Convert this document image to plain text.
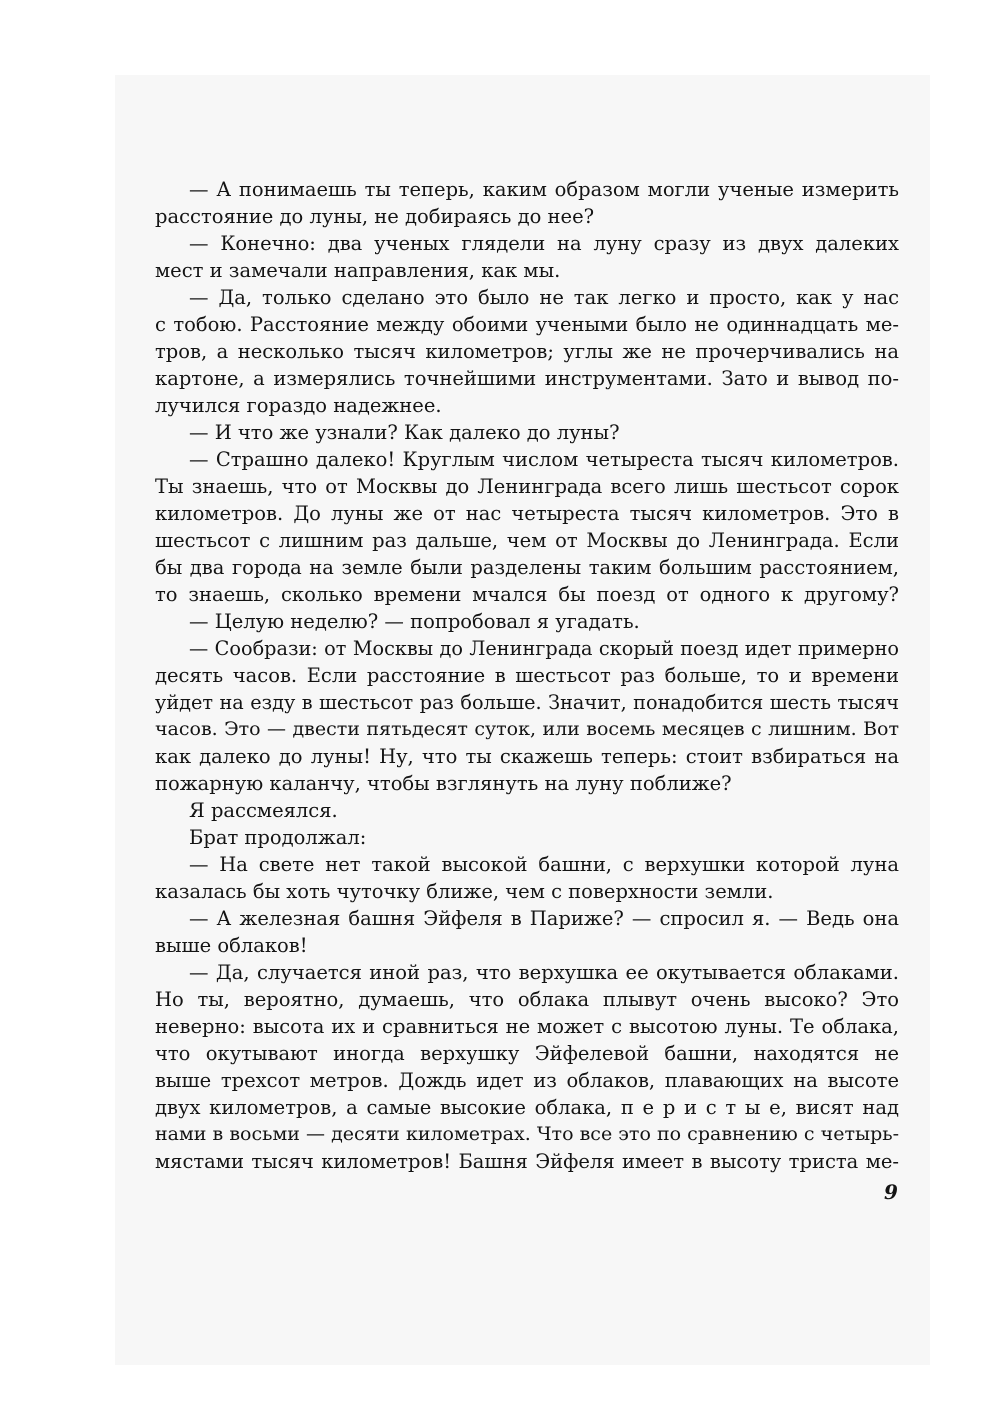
— А понимаешь ты теперь, каким образом могли ученые измерить
расстояние до луны, не добираясь до нее?
— Конечно: два ученых глядели на луну сразу из двух далеких
мест и замечали направления, как мы.
— Да, только сделано это было не так легко и просто, как у нас
с тобою. Расстояние между обоими учеными было не одиннадцать ме-
тров, а несколько тысяч километров; углы же не прочерчивались на
картоне, а измерялись точнейшими инструментами. Зато и вывод по-
лучился гораздо надежнее.
— И что же узнали? Как далеко до луны?
— Страшно далеко! Круглым числом четыреста тысяч километров.
Ты знаешь, что от Москвы до Ленинграда всего лишь шестьсот сорок
километров. До луны же от нас четыреста тысяч километров. Это в
шестьсот с лишним раз дальше, чем от Москвы до Ленинграда. Если
бы два города на земле были разделены таким большим расстоянием,
то знаешь, сколько времени мчался бы поезд от одного к другому?
— Целую неделю? — попробовал я угадать.
— Сообрази: от Москвы до Ленинграда скорый поезд идет примерно
десять часов. Если расстояние в шестьсот раз больше, то и времени
уйдет на езду в шестьсот раз больше. Значит, понадобится шесть тысяч
часов. Это — двести пятьдесят суток, или восемь месяцев с лишним. Вот
как далеко до луны! Ну, что ты скажешь теперь: стоит взбираться на
пожарную каланчу, чтобы взглянуть на луну поближе?
Я рассмеялся.
Брат продолжал:
— На свете нет такой высокой башни, с верхушки которой луна
казалась бы хоть чуточку ближе, чем с поверхности земли.
— А железная башня Эйфеля в Париже? — спросил я. — Ведь она
выше облаков!
— Да, случается иной раз, что верхушка ее окутывается облаками.
Но ты, вероятно, думаешь, что облака плывут очень высоко? Это
неверно: высота их и сравниться не может с высотою луны. Те облака,
что окутывают иногда верхушку Эйфелевой башни, находятся не
выше трехсот метров. Дождь идет из облаков, плавающих на высоте
двух километров, а самые высокие облака, п е р и с т ы е, висят над
нами в восьми — десяти километрах. Что все это по сравнению с четырь-
мястами тысяч километров! Башня Эйфеля имеет в высоту триста ме-
9
